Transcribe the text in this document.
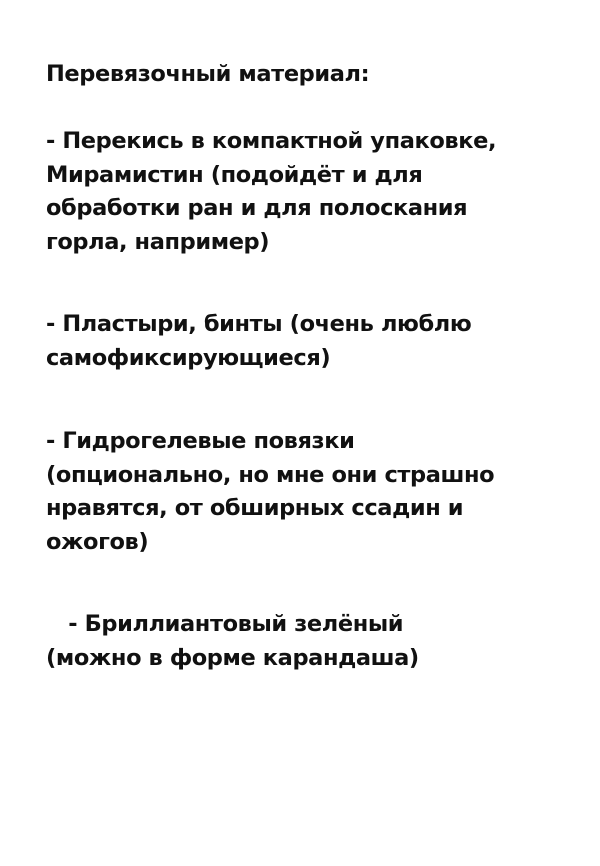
Перевязочный материал:

- Перекись в компактной упаковке,
Мирамистин (подойдёт и для
обработки ран и для полоскания
горла, например)

- Пластыри, бинты (очень люблю
самофиксирующиеся)

- Гидрогелевые повязки
(опционально, но мне они страшно
нравятся, от обширных ссадин и
ожогов)

- Бриллиантовый зелёный
(можно в форме карандаша)
